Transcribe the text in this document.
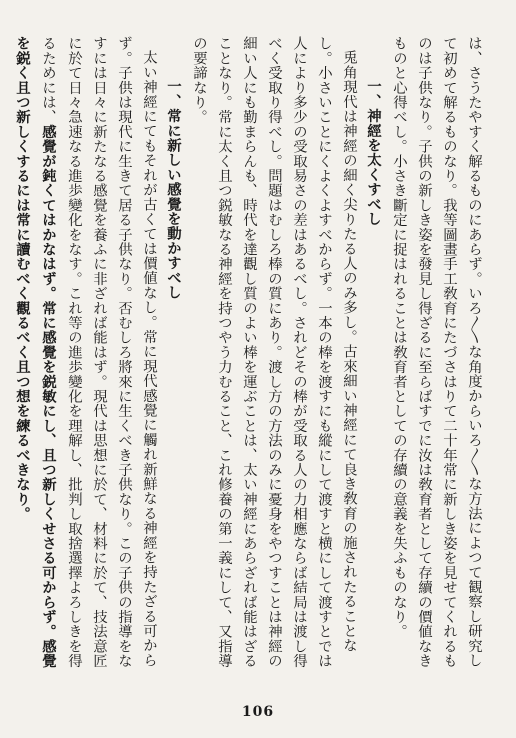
は、さうたやすく解るものにあらず。いろ〳〵な角度からいろ〳〵な方法によつて観察し研究して初めて解るものなり。我等圖畫手工敎育にたづさはりて二十年常に新しき姿を見せてくれるものは子供なり。子供の新しき姿を發見し得ざるに至らばすでに汝は敎育者として存續の價値なきものと心得べし。小さき斷定に捉はれることは敎育者としての存續の意義を失ふものなり。

一、神經を太くすべし

兎角現代は神經の細く尖りたる人のみ多し。古來細い神經にて良き敎育の施されたることなし。小さいことにくよくよすべからず。一本の棒を渡すにも縱にして渡すと横にして渡すとでは人により多少の受取易さの差はあるべし。されどその棒が受取る人の力相應ならば結局は渡し得べく受取り得べし。問題はむしろ棒の質にあり。渡し方の方法のみに憂身をやつすことは神經の細い人にも勤まらんも、時代を達觀し質のよい棒を運ぶことは、太い神經にあらざれば能はざることなり。常に太く且つ鋭敏なる神經を持つやう力むること、これ修養の第一義にして、又指導の要諦なり。

一、常に新しい感覺を動かすべし

太い神經にてもそれが古くては價値なし。常に現代感覺に觸れ新鮮なる神經を持たざる可からず。子供は現代に生きて居る子供なり。否むしろ將來に生くべき子供なり。この子供の指導をなすには日々に新たなる感覺を養ふに非ざれば能はず。現代は思想に於て、材料に於て、技法意匠に於て日々急速なる進歩變化をなす。これ等の進歩變化を理解し、批判し取捨選擇よろしきを得るためには、感覺が鈍くてはかなはず。常に感覺を鋭敏にし、且つ新しくせさる可からず。感覺を鋭く且つ新しくするには常に讀むべく觀るべく且つ想を練るべきなり。

106
